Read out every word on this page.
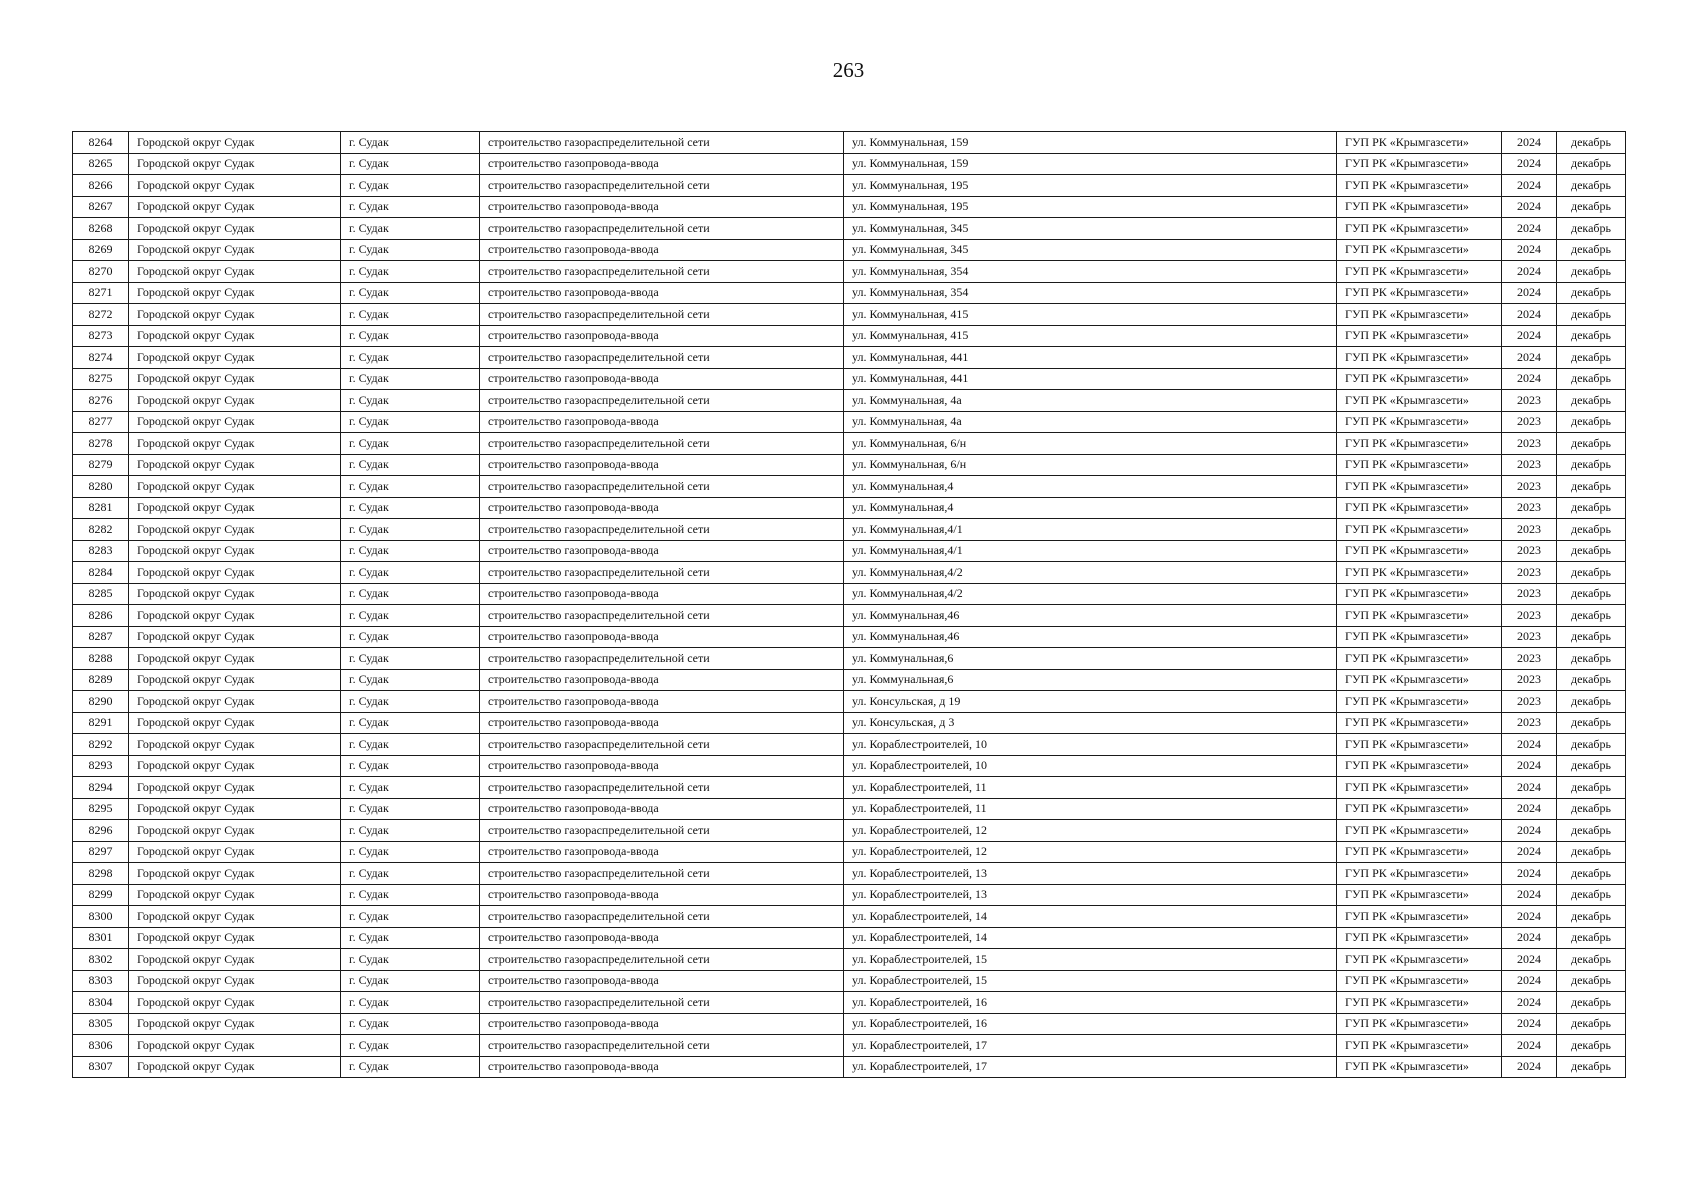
263
8264	Городской округ Судак	г. Судак	строительство газораспределительной сети	ул. Коммунальная, 159	ГУП РК «Крымгазсети»	2024	декабрь
8265	Городской округ Судак	г. Судак	строительство газопровода-ввода	ул. Коммунальная, 159	ГУП РК «Крымгазсети»	2024	декабрь
8266	Городской округ Судак	г. Судак	строительство газораспределительной сети	ул. Коммунальная, 195	ГУП РК «Крымгазсети»	2024	декабрь
8267	Городской округ Судак	г. Судак	строительство газопровода-ввода	ул. Коммунальная, 195	ГУП РК «Крымгазсети»	2024	декабрь
8268	Городской округ Судак	г. Судак	строительство газораспределительной сети	ул. Коммунальная, 345	ГУП РК «Крымгазсети»	2024	декабрь
8269	Городской округ Судак	г. Судак	строительство газопровода-ввода	ул. Коммунальная, 345	ГУП РК «Крымгазсети»	2024	декабрь
8270	Городской округ Судак	г. Судак	строительство газораспределительной сети	ул. Коммунальная, 354	ГУП РК «Крымгазсети»	2024	декабрь
8271	Городской округ Судак	г. Судак	строительство газопровода-ввода	ул. Коммунальная, 354	ГУП РК «Крымгазсети»	2024	декабрь
8272	Городской округ Судак	г. Судак	строительство газораспределительной сети	ул. Коммунальная, 415	ГУП РК «Крымгазсети»	2024	декабрь
8273	Городской округ Судак	г. Судак	строительство газопровода-ввода	ул. Коммунальная, 415	ГУП РК «Крымгазсети»	2024	декабрь
8274	Городской округ Судак	г. Судак	строительство газораспределительной сети	ул. Коммунальная, 441	ГУП РК «Крымгазсети»	2024	декабрь
8275	Городской округ Судак	г. Судак	строительство газопровода-ввода	ул. Коммунальная, 441	ГУП РК «Крымгазсети»	2024	декабрь
8276	Городской округ Судак	г. Судак	строительство газораспределительной сети	ул. Коммунальная, 4а	ГУП РК «Крымгазсети»	2023	декабрь
8277	Городской округ Судак	г. Судак	строительство газопровода-ввода	ул. Коммунальная, 4а	ГУП РК «Крымгазсети»	2023	декабрь
8278	Городской округ Судак	г. Судак	строительство газораспределительной сети	ул. Коммунальная, 6/н	ГУП РК «Крымгазсети»	2023	декабрь
8279	Городской округ Судак	г. Судак	строительство газопровода-ввода	ул. Коммунальная, 6/н	ГУП РК «Крымгазсети»	2023	декабрь
8280	Городской округ Судак	г. Судак	строительство газораспределительной сети	ул. Коммунальная,4	ГУП РК «Крымгазсети»	2023	декабрь
8281	Городской округ Судак	г. Судак	строительство газопровода-ввода	ул. Коммунальная,4	ГУП РК «Крымгазсети»	2023	декабрь
8282	Городской округ Судак	г. Судак	строительство газораспределительной сети	ул. Коммунальная,4/1	ГУП РК «Крымгазсети»	2023	декабрь
8283	Городской округ Судак	г. Судак	строительство газопровода-ввода	ул. Коммунальная,4/1	ГУП РК «Крымгазсети»	2023	декабрь
8284	Городской округ Судак	г. Судак	строительство газораспределительной сети	ул. Коммунальная,4/2	ГУП РК «Крымгазсети»	2023	декабрь
8285	Городской округ Судак	г. Судак	строительство газопровода-ввода	ул. Коммунальная,4/2	ГУП РК «Крымгазсети»	2023	декабрь
8286	Городской округ Судак	г. Судак	строительство газораспределительной сети	ул. Коммунальная,46	ГУП РК «Крымгазсети»	2023	декабрь
8287	Городской округ Судак	г. Судак	строительство газопровода-ввода	ул. Коммунальная,46	ГУП РК «Крымгазсети»	2023	декабрь
8288	Городской округ Судак	г. Судак	строительство газораспределительной сети	ул. Коммунальная,6	ГУП РК «Крымгазсети»	2023	декабрь
8289	Городской округ Судак	г. Судак	строительство газопровода-ввода	ул. Коммунальная,6	ГУП РК «Крымгазсети»	2023	декабрь
8290	Городской округ Судак	г. Судак	строительство газопровода-ввода	ул. Консульская, д 19	ГУП РК «Крымгазсети»	2023	декабрь
8291	Городской округ Судак	г. Судак	строительство газопровода-ввода	ул. Консульская, д 3	ГУП РК «Крымгазсети»	2023	декабрь
8292	Городской округ Судак	г. Судак	строительство газораспределительной сети	ул. Кораблестроителей, 10	ГУП РК «Крымгазсети»	2024	декабрь
8293	Городской округ Судак	г. Судак	строительство газопровода-ввода	ул. Кораблестроителей, 10	ГУП РК «Крымгазсети»	2024	декабрь
8294	Городской округ Судак	г. Судак	строительство газораспределительной сети	ул. Кораблестроителей, 11	ГУП РК «Крымгазсети»	2024	декабрь
8295	Городской округ Судак	г. Судак	строительство газопровода-ввода	ул. Кораблестроителей, 11	ГУП РК «Крымгазсети»	2024	декабрь
8296	Городской округ Судак	г. Судак	строительство газораспределительной сети	ул. Кораблестроителей, 12	ГУП РК «Крымгазсети»	2024	декабрь
8297	Городской округ Судак	г. Судак	строительство газопровода-ввода	ул. Кораблестроителей, 12	ГУП РК «Крымгазсети»	2024	декабрь
8298	Городской округ Судак	г. Судак	строительство газораспределительной сети	ул. Кораблестроителей, 13	ГУП РК «Крымгазсети»	2024	декабрь
8299	Городской округ Судак	г. Судак	строительство газопровода-ввода	ул. Кораблестроителей, 13	ГУП РК «Крымгазсети»	2024	декабрь
8300	Городской округ Судак	г. Судак	строительство газораспределительной сети	ул. Кораблестроителей, 14	ГУП РК «Крымгазсети»	2024	декабрь
8301	Городской округ Судак	г. Судак	строительство газопровода-ввода	ул. Кораблестроителей, 14	ГУП РК «Крымгазсети»	2024	декабрь
8302	Городской округ Судак	г. Судак	строительство газораспределительной сети	ул. Кораблестроителей, 15	ГУП РК «Крымгазсети»	2024	декабрь
8303	Городской округ Судак	г. Судак	строительство газопровода-ввода	ул. Кораблестроителей, 15	ГУП РК «Крымгазсети»	2024	декабрь
8304	Городской округ Судак	г. Судак	строительство газораспределительной сети	ул. Кораблестроителей, 16	ГУП РК «Крымгазсети»	2024	декабрь
8305	Городской округ Судак	г. Судак	строительство газопровода-ввода	ул. Кораблестроителей, 16	ГУП РК «Крымгазсети»	2024	декабрь
8306	Городской округ Судак	г. Судак	строительство газораспределительной сети	ул. Кораблестроителей, 17	ГУП РК «Крымгазсети»	2024	декабрь
8307	Городской округ Судак	г. Судак	строительство газопровода-ввода	ул. Кораблестроителей, 17	ГУП РК «Крымгазсети»	2024	декабрь
